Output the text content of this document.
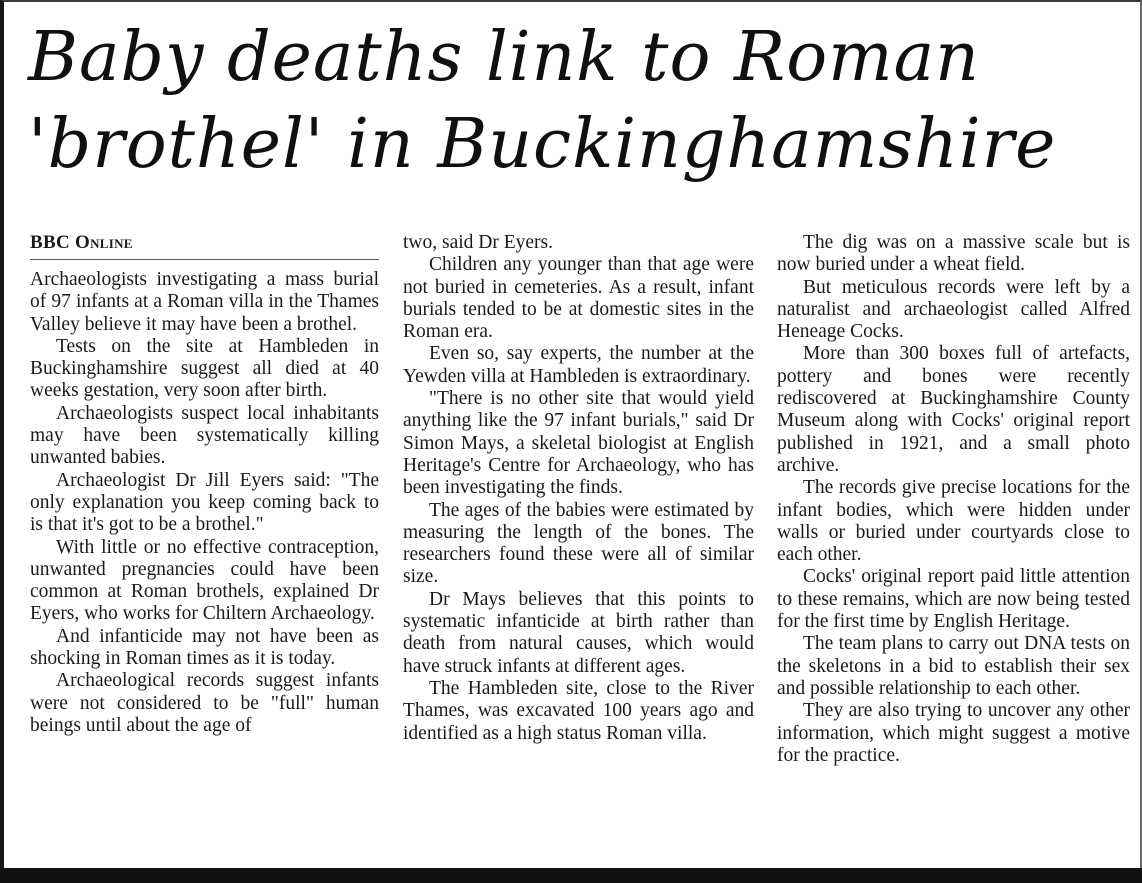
Baby deaths link to Roman
'brothel' in Buckinghamshire
BBC Online

Archaeologists investigating a mass burial of 97 infants at a Roman villa in the Thames Valley believe it may have been a brothel.

Tests on the site at Hambleden in Buckinghamshire suggest all died at 40 weeks gestation, very soon after birth.

Archaeologists suspect local inhabitants may have been systematically killing unwanted babies.

Archaeologist Dr Jill Eyers said: "The only explanation you keep coming back to is that it's got to be a brothel."

With little or no effective contraception, unwanted pregnancies could have been common at Roman brothels, explained Dr Eyers, who works for Chiltern Archaeology.

And infanticide may not have been as shocking in Roman times as it is today.

Archaeological records suggest infants were not considered to be "full" human beings until about the age of

two, said Dr Eyers.

Children any younger than that age were not buried in cemeteries. As a result, infant burials tended to be at domestic sites in the Roman era.

Even so, say experts, the number at the Yewden villa at Hambleden is extraordinary.

"There is no other site that would yield anything like the 97 infant burials," said Dr Simon Mays, a skeletal biologist at English Heritage's Centre for Archaeology, who has been investigating the finds.

The ages of the babies were estimated by measuring the length of the bones. The researchers found these were all of similar size.

Dr Mays believes that this points to systematic infanticide at birth rather than death from natural causes, which would have struck infants at different ages.

The Hambleden site, close to the River Thames, was excavated 100 years ago and identified as a high status Roman villa.

The dig was on a massive scale but is now buried under a wheat field.

But meticulous records were left by a naturalist and archaeologist called Alfred Heneage Cocks.

More than 300 boxes full of artefacts, pottery and bones were recently rediscovered at Buckinghamshire County Museum along with Cocks' original report published in 1921, and a small photo archive.

The records give precise locations for the infant bodies, which were hidden under walls or buried under courtyards close to each other.

Cocks' original report paid little attention to these remains, which are now being tested for the first time by English Heritage.

The team plans to carry out DNA tests on the skeletons in a bid to establish their sex and possible relationship to each other.

They are also trying to uncover any other information, which might suggest a motive for the practice.
